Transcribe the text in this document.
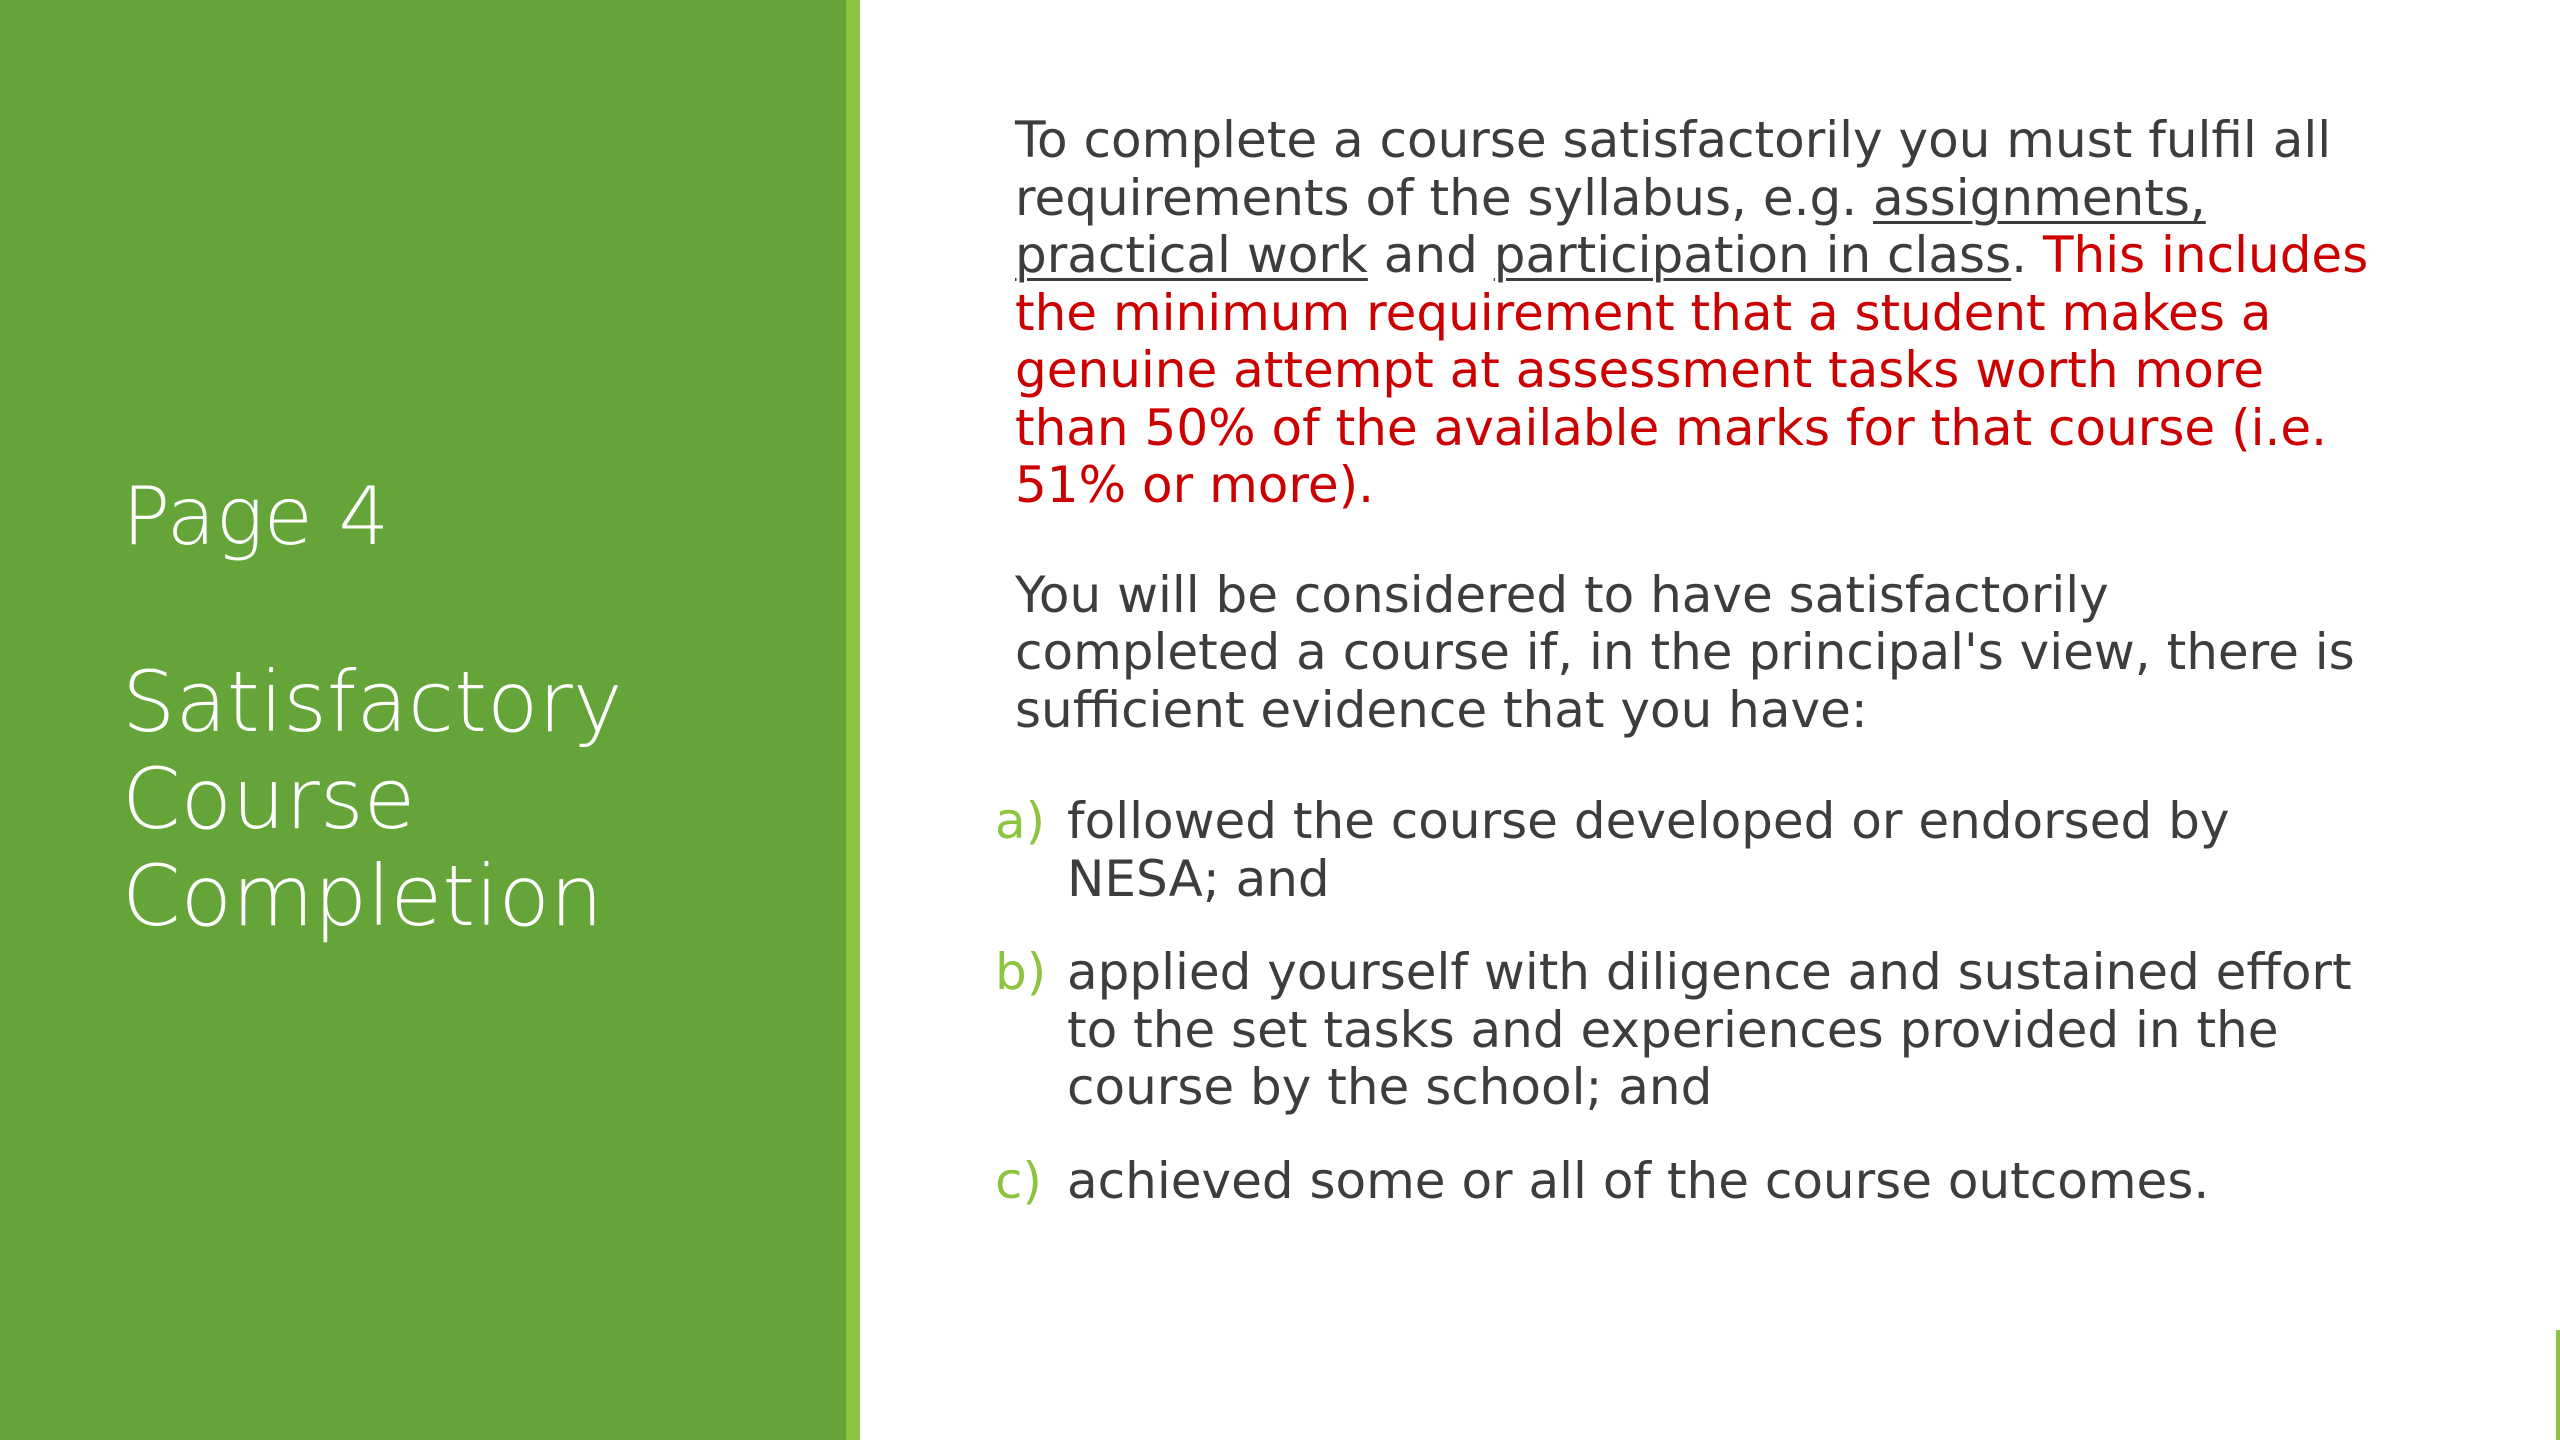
Page 4
Satisfactory
Course
Completion

To complete a course satisfactorily you must fulfil all requirements of the syllabus, e.g. assignments, practical work and participation in class. This includes the minimum requirement that a student makes a genuine attempt at assessment tasks worth more than 50% of the available marks for that course (i.e. 51% or more).

You will be considered to have satisfactorily completed a course if, in the principal's view, there is sufficient evidence that you have:

a) followed the course developed or endorsed by NESA; and
b) applied yourself with diligence and sustained effort to the set tasks and experiences provided in the course by the school; and
c) achieved some or all of the course outcomes.
